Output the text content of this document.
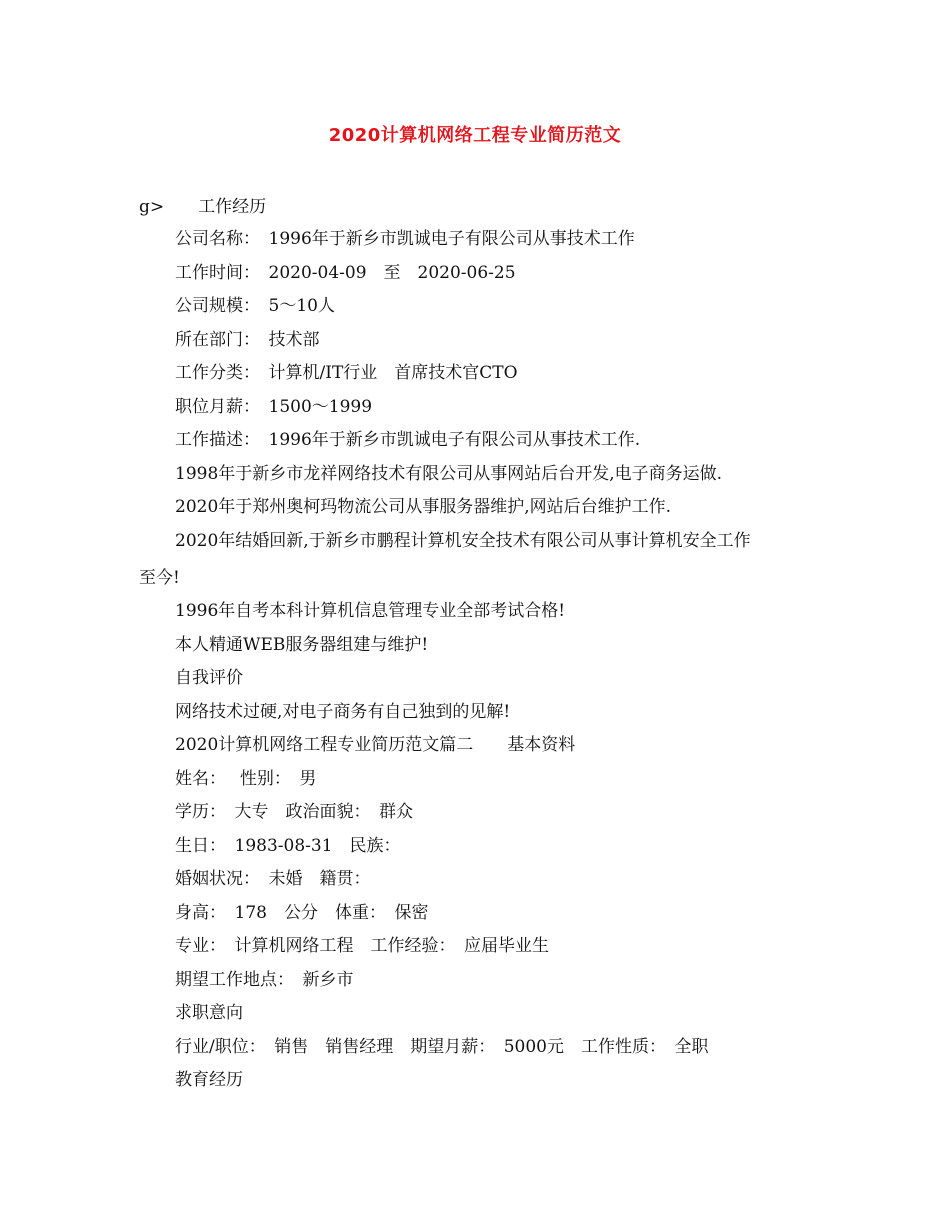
2020计算机网络工程专业简历范文
g>　　工作经历
公司名称：　1996年于新乡市凯诚电子有限公司从事技术工作
工作时间：　2020-04-09　至　2020-06-25
公司规模：　5～10人
所在部门：　技术部
工作分类：　计算机/IT行业　首席技术官CTO
职位月薪：　1500～1999
工作描述：　1996年于新乡市凯诚电子有限公司从事技术工作.
1998年于新乡市龙祥网络技术有限公司从事网站后台开发,电子商务运做.
2020年于郑州奥柯玛物流公司从事服务器维护,网站后台维护工作.
2020年结婚回新,于新乡市鹏程计算机安全技术有限公司从事计算机安全工作
至今!
1996年自考本科计算机信息管理专业全部考试合格!
本人精通WEB服务器组建与维护!
自我评价
网络技术过硬,对电子商务有自己独到的见解!
2020计算机网络工程专业简历范文篇二　　基本资料
姓名：　 性别：　男
学历：　大专　政治面貌：　群众
生日：　1983-08-31　民族：
婚姻状况：　未婚　籍贯：
身高：　178　公分　体重：　保密
专业：　计算机网络工程　工作经验：　应届毕业生
期望工作地点：　新乡市
求职意向
行业/职位：　销售　销售经理　期望月薪：　5000元　工作性质：　全职
教育经历
